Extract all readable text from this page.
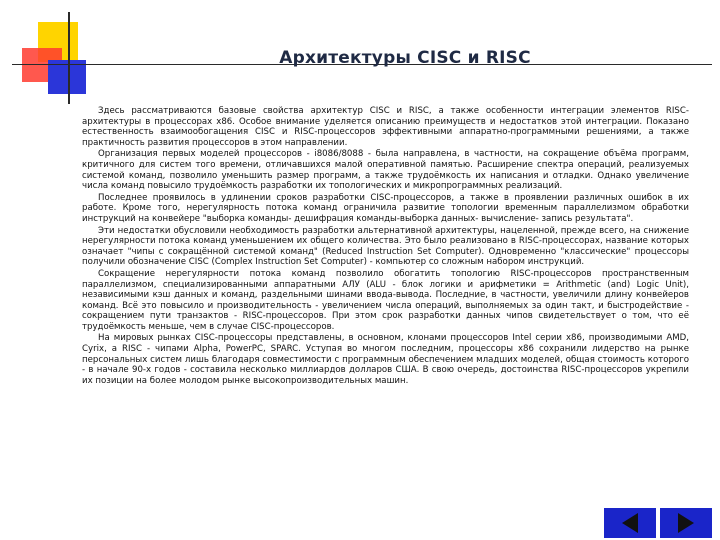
Архитектуры CISC и RISC

Здесь рассматриваются базовые свойства архитектур CISC и RISC, а также особенности интеграции элементов RISC-архитектуры в процессорах x86. Особое внимание уделяется описанию преимуществ и недостатков этой интеграции. Показано естественность взаимообогащения CISC и RISC-процессоров эффективными аппаратно-программными решениями, а также практичность развития процессоров в этом направлении.

Организация первых моделей процессоров - i8086/8088 - была направлена, в частности, на сокращение объёма программ, критичного для систем того времени, отличавшихся малой оперативной памятью. Расширение спектра операций, реализуемых системой команд, позволило уменьшить размер программ, а также трудоёмкость их написания и отладки. Однако увеличение числа команд повысило трудоёмкость разработки их топологических и микропрограммных реализаций.

Последнее проявилось в удлинении сроков разработки CISC-процессоров, а также в проявлении различных ошибок в их работе. Кроме того, нерегулярность потока команд ограничила развитие топологии временным параллелизмом обработки инструкций на конвейере "выборка команды- дешифрация команды-выборка данных- вычисление- запись результата".

Эти недостатки обусловили необходимость разработки альтернативной архитектуры, нацеленной, прежде всего, на снижение нерегулярности потока команд уменьшением их общего количества. Это было реализовано в RISC-процессорах, название которых означает "чипы с сокращённой системой команд" (Reduced Instruction Set Computer). Одновременно "классические" процессоры получили обозначение CISC (Complex Instruction Set Computer) - компьютер со сложным набором инструкций.

Сокращение нерегулярности потока команд позволило обогатить топологию RISC-процессоров пространственным параллелизмом, специализированными аппаратными АЛУ (ALU - блок логики и арифметики = Arithmetic (and) Logic Unit), независимыми кэш данных и команд, раздельными шинами ввода-вывода. Последние, в частности, увеличили длину конвейеров команд. Всё это повысило и производительность - увеличением числа операций, выполняемых за один такт, и быстродействие - сокращением пути транзактов - RISC-процессоров. При этом срок разработки данных чипов свидетельствует о том, что её трудоёмкость меньше, чем в случае CISC-процессоров.

На мировых рынках CISC-процессоры представлены, в основном, клонами процессоров Intel серии x86, производимыми AMD, Cyrix, а RISC - чипами Alpha, PowerPC, SPARC. Уступая во многом последним, процессоры x86 сохранили лидерство на рынке персональных систем лишь благодаря совместимости с программным обеспечением младших моделей, общая стоимость которого - в начале 90-х годов - составила несколько миллиардов долларов США. В свою очередь, достоинства RISC-процессоров укрепили их позиции на более молодом рынке высокопроизводительных машин.
